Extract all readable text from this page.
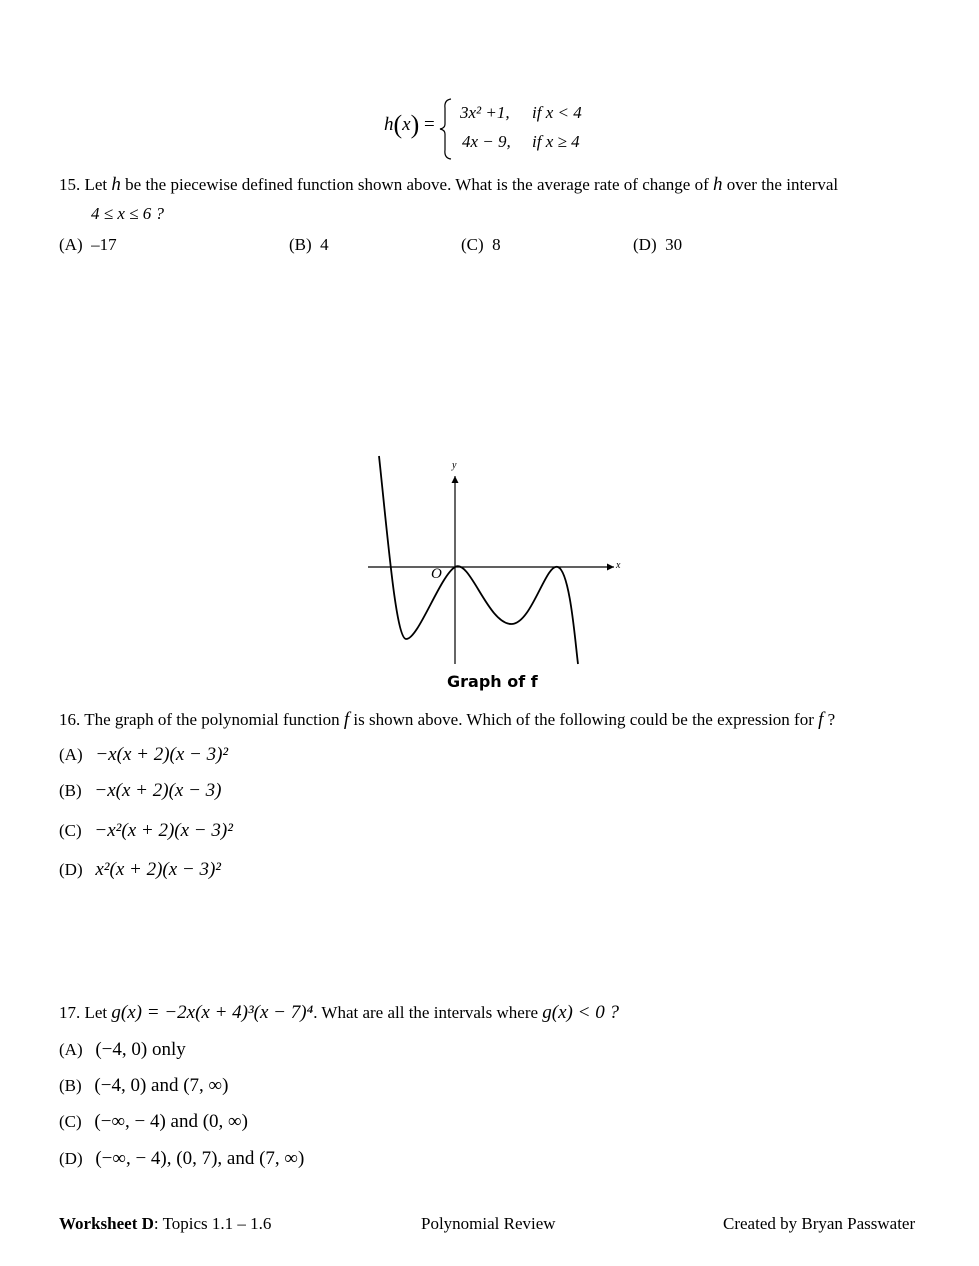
h(x) =
3x² +1, if x < 4
4x − 9, if x ≥ 4
15. Let h be the piecewise defined function shown above. What is the average rate of change of h over the interval
4 ≤ x ≤ 6 ?
(A) –17	(B) 4	(C) 8	(D) 30
y
x
O
Graph of f
16. The graph of the polynomial function f is shown above. Which of the following could be the expression for f ?
(A) −x(x + 2)(x − 3)²
(B) −x(x + 2)(x − 3)
(C) −x²(x + 2)(x − 3)²
(D) x²(x + 2)(x − 3)²
17. Let g(x) = −2x(x + 4)³(x − 7)⁴. What are all the intervals where g(x) < 0 ?
(A) (−4, 0) only
(B) (−4, 0) and (7, ∞)
(C) (−∞, − 4) and (0, ∞)
(D) (−∞, − 4), (0, 7), and (7, ∞)
Worksheet D: Topics 1.1 – 1.6	Polynomial Review	Created by Bryan Passwater
